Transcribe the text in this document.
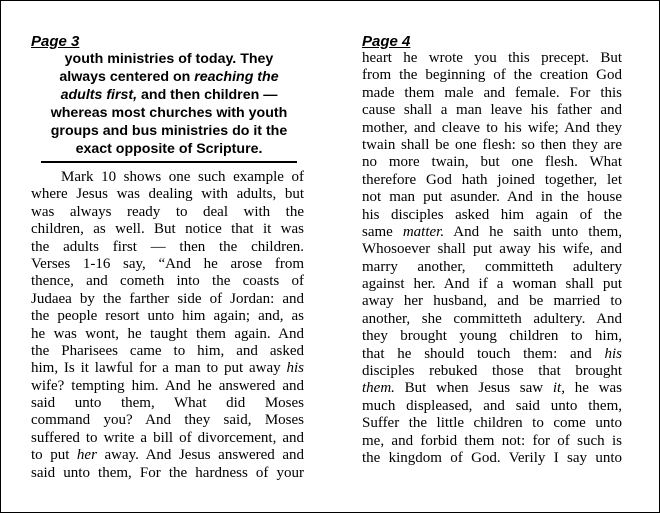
Page 3
youth ministries of today. They
always centered on reaching the
adults first, and then children —
whereas most churches with youth
groups and bus ministries do it the
exact opposite of Scripture.
Mark 10 shows one such example of
where Jesus was dealing with adults, but
was always ready to deal with the
children, as well. But notice that it was
the adults first — then the children.
Verses 1-16 say, “And he arose from
thence, and cometh into the coasts of
Judaea by the farther side of Jordan: and
the people resort unto him again; and, as
he was wont, he taught them again. And
the Pharisees came to him, and asked
him, Is it lawful for a man to put away his
wife? tempting him. And he answered and
said unto them, What did Moses
command you? And they said, Moses
suffered to write a bill of divorcement, and
to put her away. And Jesus answered and
said unto them, For the hardness of your
Page 4
heart he wrote you this precept. But
from the beginning of the creation God
made them male and female. For this
cause shall a man leave his father and
mother, and cleave to his wife; And they
twain shall be one flesh: so then they are
no more twain, but one flesh. What
therefore God hath joined together, let
not man put asunder. And in the house
his disciples asked him again of the
same matter. And he saith unto them,
Whosoever shall put away his wife, and
marry another, committeth adultery
against her. And if a woman shall put
away her husband, and be married to
another, she committeth adultery. And
they brought young children to him,
that he should touch them: and his
disciples rebuked those that brought
them. But when Jesus saw it, he was
much displeased, and said unto them,
Suffer the little children to come unto
me, and forbid them not: for of such is
the kingdom of God. Verily I say unto
